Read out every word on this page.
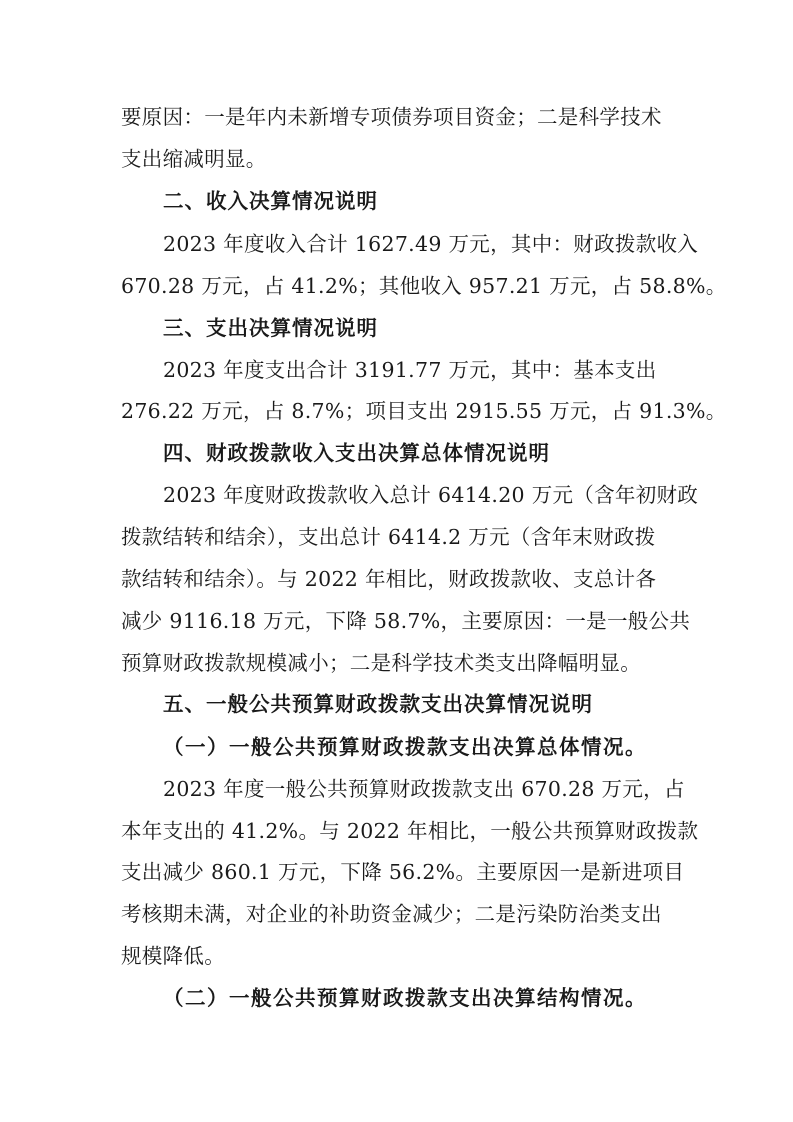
要原因：一是年内未新增专项债券项目资金；二是科学技术

支出缩减明显。

二、收入决算情况说明

2023 年度收入合计 1627.49 万元，其中：财政拨款收入

670.28 万元，占 41.2%；其他收入 957.21 万元，占 58.8%。

三、支出决算情况说明

2023 年度支出合计 3191.77 万元，其中：基本支出

276.22 万元，占 8.7%；项目支出 2915.55 万元，占 91.3%。

四、财政拨款收入支出决算总体情况说明

2023 年度财政拨款收入总计 6414.20 万元（含年初财政

拨款结转和结余），支出总计 6414.2 万元（含年末财政拨

款结转和结余）。与 2022 年相比，财政拨款收、支总计各

减少 9116.18 万元，下降 58.7%，主要原因：一是一般公共

预算财政拨款规模减小；二是科学技术类支出降幅明显。

五、一般公共预算财政拨款支出决算情况说明

（一）一般公共预算财政拨款支出决算总体情况。

2023 年度一般公共预算财政拨款支出 670.28 万元，占

本年支出的 41.2%。与 2022 年相比，一般公共预算财政拨款

支出减少 860.1 万元，下降 56.2%。主要原因一是新进项目

考核期未满，对企业的补助资金减少；二是污染防治类支出

规模降低。

（二）一般公共预算财政拨款支出决算结构情况。
